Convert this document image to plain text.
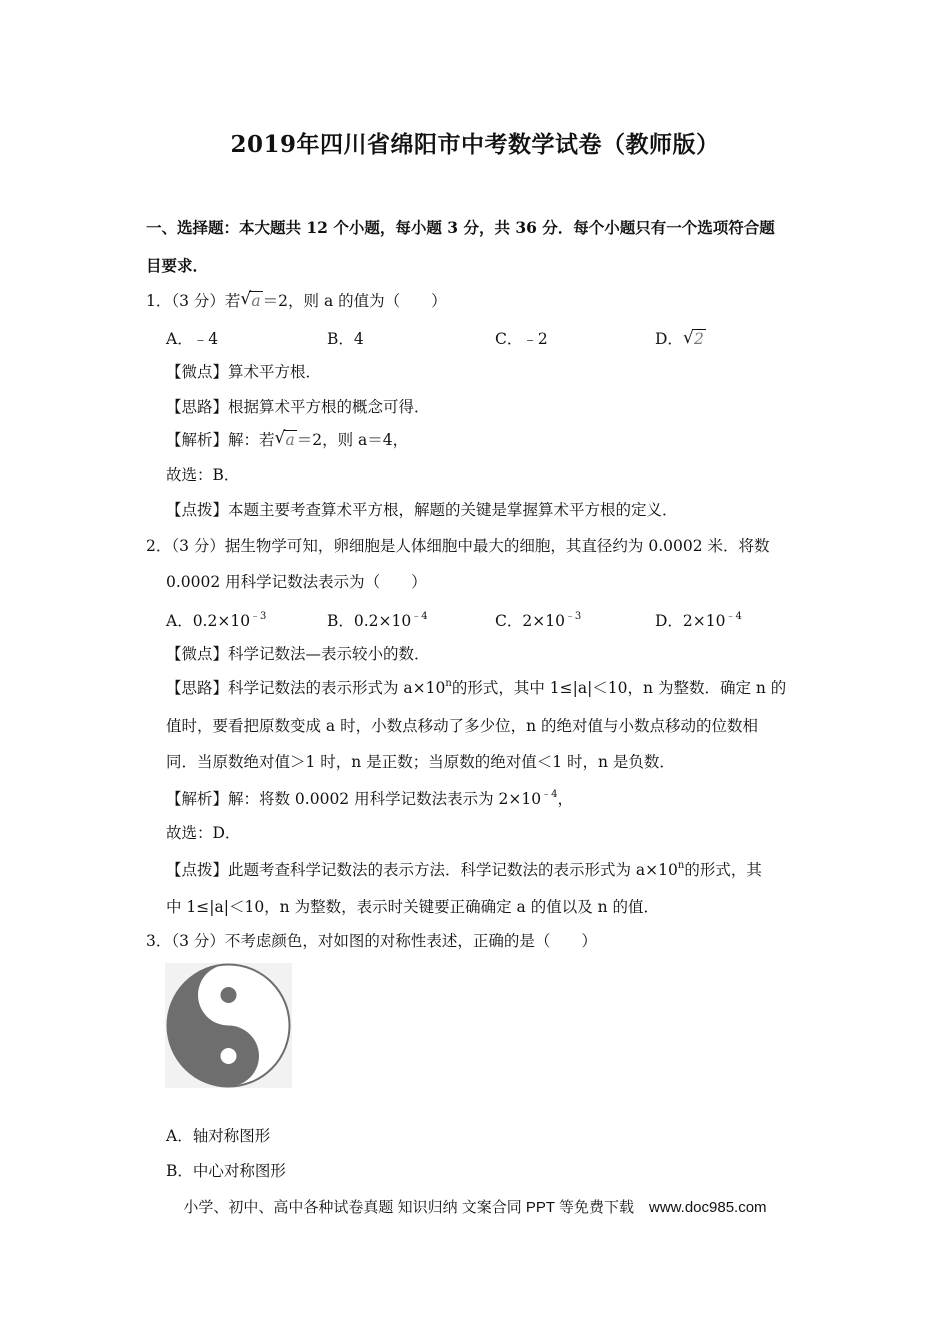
2019年四川省绵阳市中考数学试卷（教师版）
一、选择题：本大题共 12 个小题，每小题 3 分，共 36 分．每个小题只有一个选项符合题
目要求．
1．（3 分）若 √ a ＝2，则 a 的值为（　　）
A．﹣4	B．4	C．﹣2	D． √ 2
【微点】算术平方根．
【思路】根据算术平方根的概念可得．
【解析】解：若 √ a ＝2，则 a＝4，
故选：B．
【点拨】本题主要考查算术平方根，解题的关键是掌握算术平方根的定义．
2．（3 分）据生物学可知，卵细胞是人体细胞中最大的细胞，其直径约为 0.0002 米．将数
0.0002 用科学记数法表示为（　　）
A．$0.2\times 10^{﹣3}$	B．$0.2\times 10^{﹣4}$	C．$2\times 10^{﹣3}$	D．$2\times 10^{﹣4}$
【微点】科学记数法—表示较小的数．
【思路】科学记数法的表示形式为 $a\times 10^n$的形式，其中 1≤|a|＜10，n 为整数．确定 n 的
值时，要看把原数变成 a 时，小数点移动了多少位，n 的绝对值与小数点移动的位数相
同．当原数绝对值＞1 时，n 是正数；当原数的绝对值＜1 时，n 是负数．
【解析】解：将数 0.0002 用科学记数法表示为 $2\times 10^{﹣4}$，
故选：D．
【点拨】此题考查科学记数法的表示方法．科学记数法的表示形式为 $a\times 10^n$的形式，其
中 1≤|a|＜10，n 为整数，表示时关键要正确确定 a 的值以及 n 的值．
3．（3 分）不考虑颜色，对如图的对称性表述，正确的是（　　）
A．轴对称图形
B．中心对称图形
小学、初中、高中各种试卷真题 知识归纳 文案合同 PPT 等免费下载　www.doc985.com
